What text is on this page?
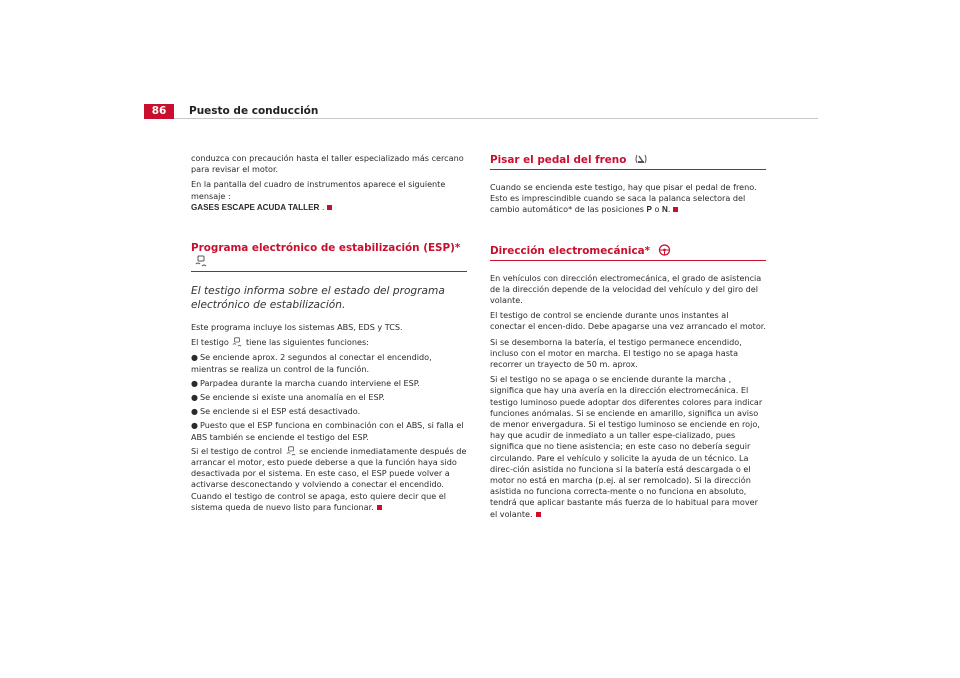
86	Puesto de conducción

conduzca con precaución hasta el taller especializado más cercano para revisar el motor.

En la pantalla del cuadro de instrumentos aparece el siguiente mensaje :
GASES ESCAPE ACUDA TALLER .

Programa electrónico de estabilización (ESP)*
El testigo informa sobre el estado del programa electrónico de estabilización.

Este programa incluye los sistemas ABS, EDS y TCS.

El testigo  tiene las siguientes funciones:

● Se enciende aprox. 2 segundos al conectar el encendido, mientras se realiza un control de la función.

● Parpadea durante la marcha cuando interviene el ESP.

● Se enciende si existe una anomalía en el ESP.

● Se enciende si el ESP está desactivado.

● Puesto que el ESP funciona en combinación con el ABS, si falla el ABS también se enciende el testigo del ESP.

Si el testigo de control  se enciende inmediatamente después de arrancar el motor, esto puede deberse a que la función haya sido desactivada por el sistema. En este caso, el ESP puede volver a activarse desconectando y volviendo a conectar el encendido. Cuando el testigo de control se apaga, esto quiere decir que el sistema queda de nuevo listo para funcionar.

Pisar el pedal del freno

Cuando se encienda este testigo, hay que pisar el pedal de freno. Esto es imprescindible cuando se saca la palanca selectora del cambio automático* de las posiciones P o N.

Dirección electromecánica*

En vehículos con dirección electromecánica, el grado de asistencia de la dirección depende de la velocidad del vehículo y del giro del volante.

El testigo de control se enciende durante unos instantes al conectar el encen-dido. Debe apagarse una vez arrancado el motor.

Si se desemborna la batería, el testigo permanece encendido, incluso con el motor en marcha. El testigo no se apaga hasta recorrer un trayecto de 50 m. aprox.

Si el testigo no se apaga o se enciende durante la marcha , significa que hay una avería en la dirección electromecánica. El testigo luminoso puede adoptar dos diferentes colores para indicar funciones anómalas. Si se enciende en amarillo, significa un aviso de menor envergadura. Si el testigo luminoso se enciende en rojo, hay que acudir de inmediato a un taller espe-cializado, pues significa que no tiene asistencia; en este caso no debería seguir circulando. Pare el vehículo y solicite la ayuda de un técnico. La direc-ción asistida no funciona si la batería está descargada o el motor no está en marcha (p.ej. al ser remolcado). Si la dirección asistida no funciona correcta-mente o no funciona en absoluto, tendrá que aplicar bastante más fuerza de lo habitual para mover el volante.
